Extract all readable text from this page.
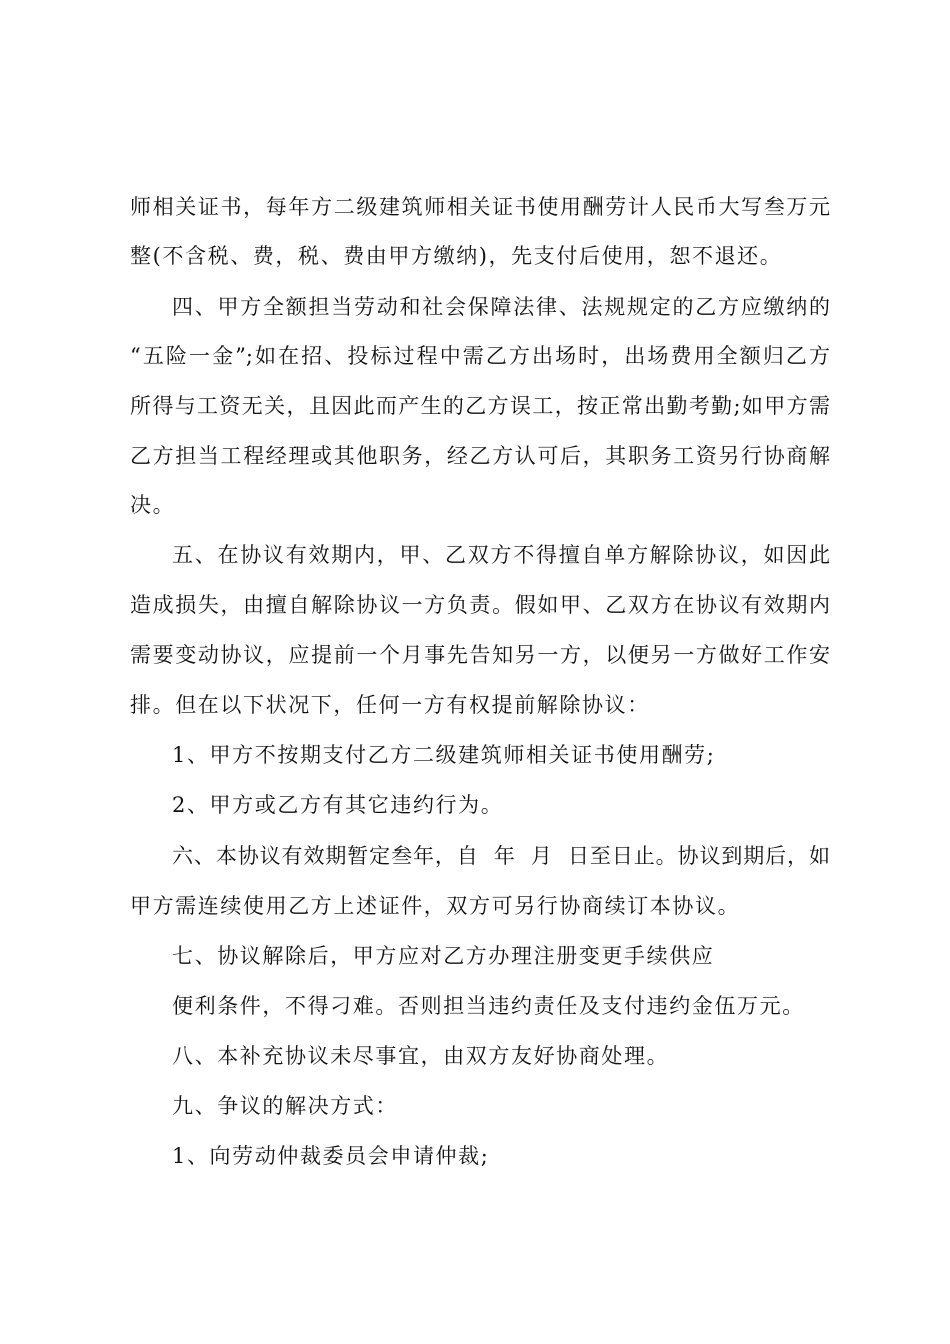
师相关证书，每年方二级建筑师相关证书使用酬劳计人民币大写叁万元
整(不含税、费，税、费由甲方缴纳)，先支付后使用，恕不退还。
四、甲方全额担当劳动和社会保障法律、法规规定的乙方应缴纳的
“五险一金”;如在招、投标过程中需乙方出场时，出场费用全额归乙方
所得与工资无关，且因此而产生的乙方误工，按正常出勤考勤;如甲方需
乙方担当工程经理或其他职务，经乙方认可后，其职务工资另行协商解
决。
五、在协议有效期内，甲、乙双方不得擅自单方解除协议，如因此
造成损失，由擅自解除协议一方负责。假如甲、乙双方在协议有效期内
需要变动协议，应提前一个月事先告知另一方，以便另一方做好工作安
排。但在以下状况下，任何一方有权提前解除协议：
1、甲方不按期支付乙方二级建筑师相关证书使用酬劳;
2、甲方或乙方有其它违约行为。
六、本协议有效期暂定叁年，自  年  月  日至日止。协议到期后，如
甲方需连续使用乙方上述证件，双方可另行协商续订本协议。
七、协议解除后，甲方应对乙方办理注册变更手续供应
便利条件，不得刁难。否则担当违约责任及支付违约金伍万元。
八、本补充协议未尽事宜，由双方友好协商处理。
九、争议的解决方式：
1、向劳动仲裁委员会申请仲裁;
